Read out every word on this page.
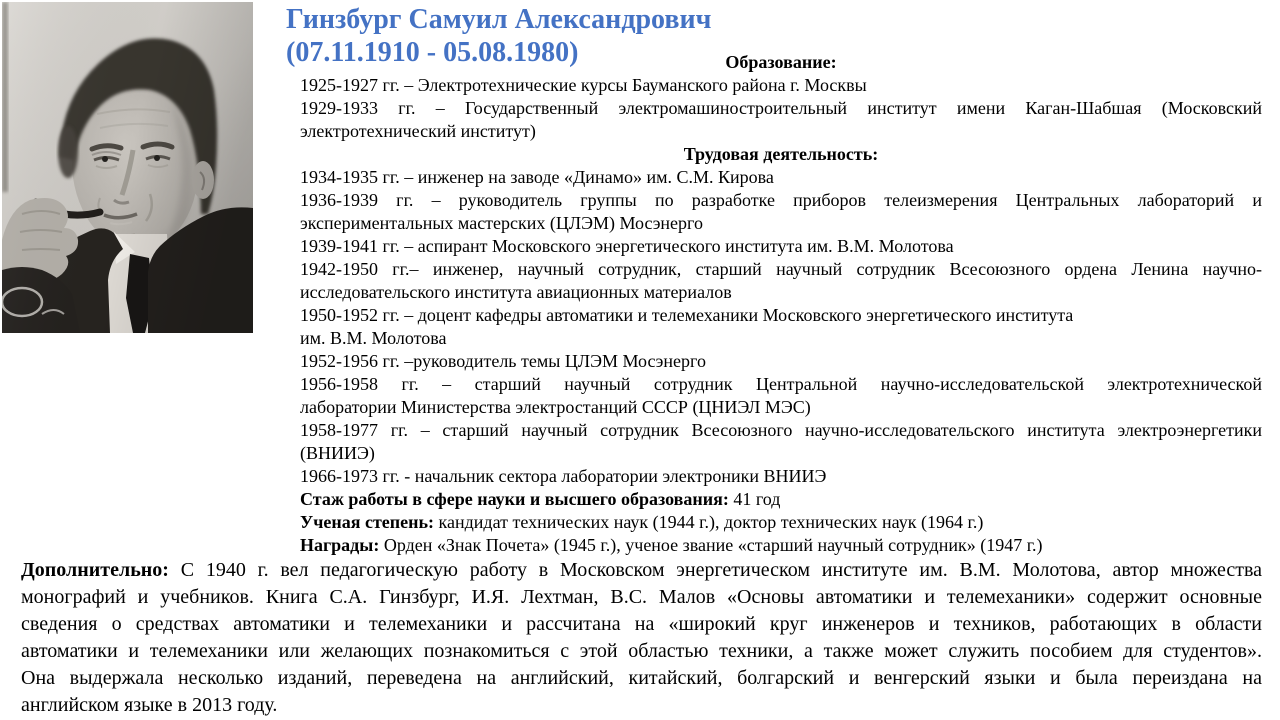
Гинзбург Самуил Александрович
(07.11.1910 - 05.08.1980)	Образование:
1925-1927 гг. – Электротехнические курсы Бауманского района г. Москвы
1929-1933 гг. – Государственный электромашиностроительный институт имени Каган-Шабшая (Московский
электротехнический институт)
Трудовая деятельность:
1934-1935 гг. – инженер на заводе «Динамо» им. С.М. Кирова
1936-1939 гг. – руководитель группы по разработке приборов телеизмерения Центральных лабораторий и
экспериментальных мастерских (ЦЛЭМ) Мосэнерго
1939-1941 гг. – аспирант Московского энергетического института им. В.М. Молотова
1942-1950 гг.– инженер, научный сотрудник, старший научный сотрудник Всесоюзного ордена Ленина научно-
исследовательского института авиационных материалов
1950-1952 гг. – доцент кафедры автоматики и телемеханики Московского энергетического института
им. В.М. Молотова
1952-1956 гг. –руководитель темы ЦЛЭМ Мосэнерго
1956-1958 гг. – старший научный сотрудник Центральной научно-исследовательской электротехнической
лаборатории Министерства электростанций СССР (ЦНИЭЛ МЭС)
1958-1977 гг. – старший научный сотрудник Всесоюзного научно-исследовательского института электроэнергетики
(ВНИИЭ)
1966-1973 гг. - начальник сектора лаборатории электроники ВНИИЭ
Стаж работы в сфере науки и высшего образования: 41 год
Ученая степень: кандидат технических наук (1944 г.), доктор технических наук (1964 г.)
Награды: Орден «Знак Почета» (1945 г.), ученое звание «старший научный сотрудник» (1947 г.)
Дополнительно: С 1940 г. вел педагогическую работу в Московском энергетическом институте им. В.М. Молотова, автор множества
монографий и учебников. Книга С.А. Гинзбург, И.Я. Лехтман, В.С. Малов «Основы автоматики и телемеханики» содержит основные
сведения о средствах автоматики и телемеханики и рассчитана на «широкий круг инженеров и техников, работающих в области
автоматики и телемеханики или желающих познакомиться с этой областью техники, а также может служить пособием для студентов».
Она выдержала несколько изданий, переведена на английский, китайский, болгарский и венгерский языки и была переиздана на
английском языке в 2013 году.
